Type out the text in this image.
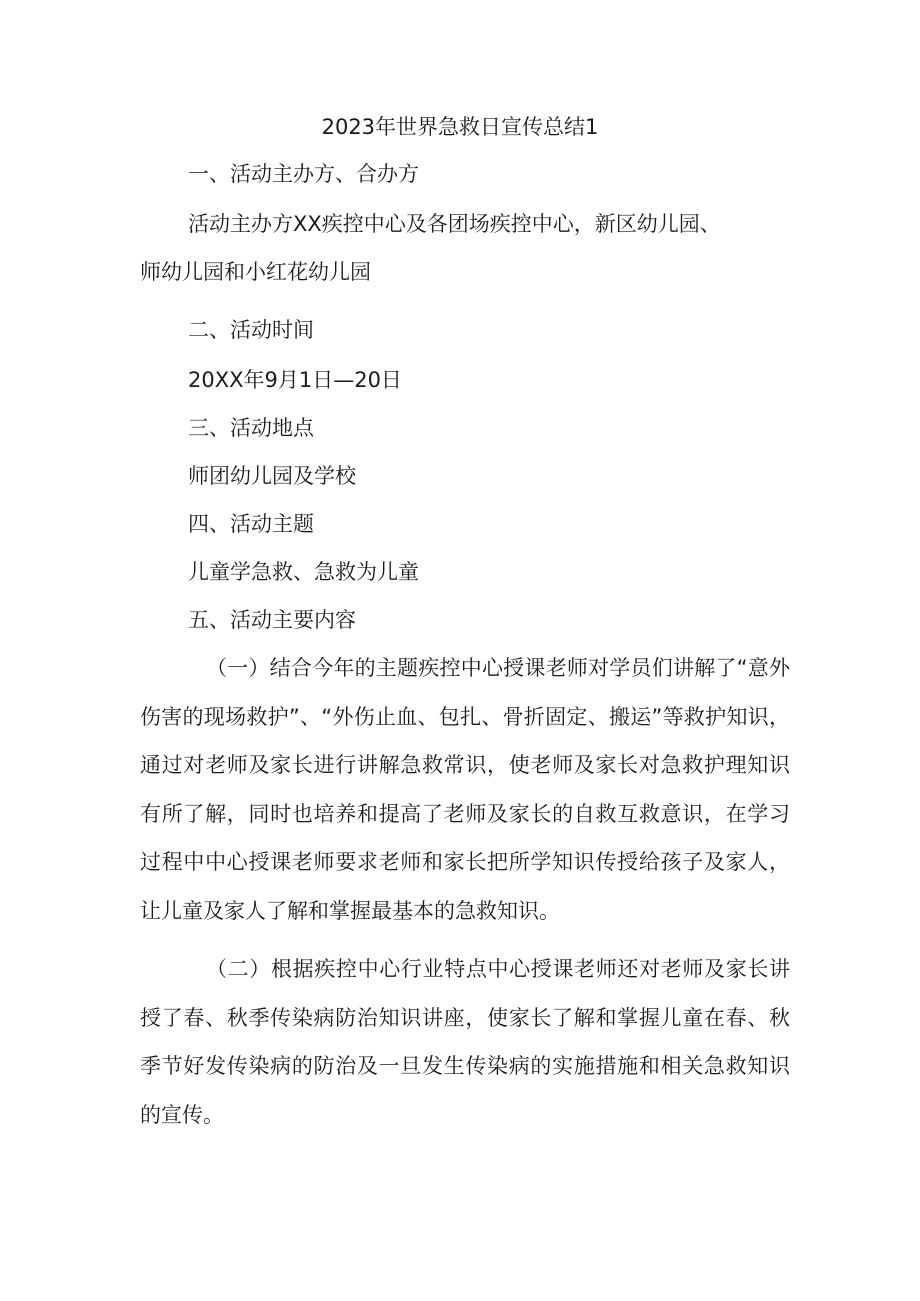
2023年世界急救日宣传总结1

一、活动主办方、合办方

活动主办方XX疾控中心及各团场疾控中心，新区幼儿园、

师幼儿园和小红花幼儿园

二、活动时间

20XX年9月1日—20日

三、活动地点

师团幼儿园及学校

四、活动主题

儿童学急救、急救为儿童

五、活动主要内容

（一）结合今年的主题疾控中心授课老师对学员们讲解了“意外伤害的现场救护”、“外伤止血、包扎、骨折固定、搬运”等救护知识，通过对老师及家长进行讲解急救常识，使老师及家长对急救护理知识有所了解，同时也培养和提高了老师及家长的自救互救意识，在学习过程中中心授课老师要求老师和家长把所学知识传授给孩子及家人，让儿童及家人了解和掌握最基本的急救知识。

（二）根据疾控中心行业特点中心授课老师还对老师及家长讲授了春、秋季传染病防治知识讲座，使家长了解和掌握儿童在春、秋季节好发传染病的防治及一旦发生传染病的实施措施和相关急救知识的宣传。
